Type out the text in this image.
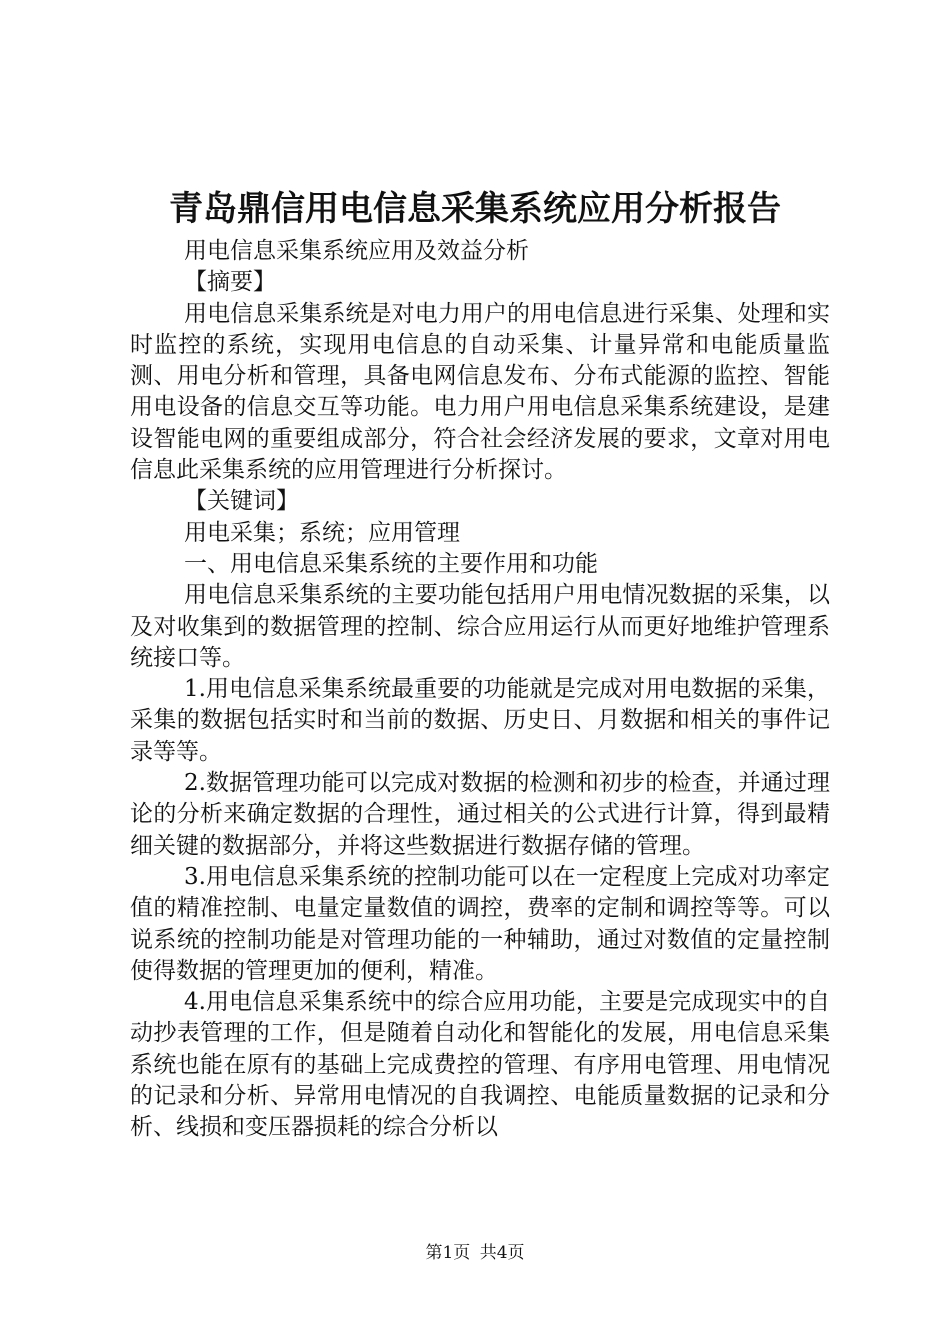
青岛鼎信用电信息采集系统应用分析报告

用电信息采集系统应用及效益分析

【摘要】

用电信息采集系统是对电力用户的用电信息进行采集、处理和实时监控的系统，实现用电信息的自动采集、计量异常和电能质量监测、用电分析和管理，具备电网信息发布、分布式能源的监控、智能用电设备的信息交互等功能。电力用户用电信息采集系统建设，是建设智能电网的重要组成部分，符合社会经济发展的要求，文章对用电信息此采集系统的应用管理进行分析探讨。

【关键词】

用电采集；系统；应用管理

一、用电信息采集系统的主要作用和功能

用电信息采集系统的主要功能包括用户用电情况数据的采集，以及对收集到的数据管理的控制、综合应用运行从而更好地维护管理系统接口等。

1.用电信息采集系统最重要的功能就是完成对用电数据的采集，采集的数据包括实时和当前的数据、历史日、月数据和相关的事件记录等等。

2.数据管理功能可以完成对数据的检测和初步的检查，并通过理论的分析来确定数据的合理性，通过相关的公式进行计算，得到最精细关键的数据部分，并将这些数据进行数据存储的管理。

3.用电信息采集系统的控制功能可以在一定程度上完成对功率定值的精准控制、电量定量数值的调控，费率的定制和调控等等。可以说系统的控制功能是对管理功能的一种辅助，通过对数值的定量控制使得数据的管理更加的便利，精准。

4.用电信息采集系统中的综合应用功能，主要是完成现实中的自动抄表管理的工作，但是随着自动化和智能化的发展，用电信息采集系统也能在原有的基础上完成费控的管理、有序用电管理、用电情况的记录和分析、异常用电情况的自我调控、电能质量数据的记录和分析、线损和变压器损耗的综合分析以

第1页 共4页
